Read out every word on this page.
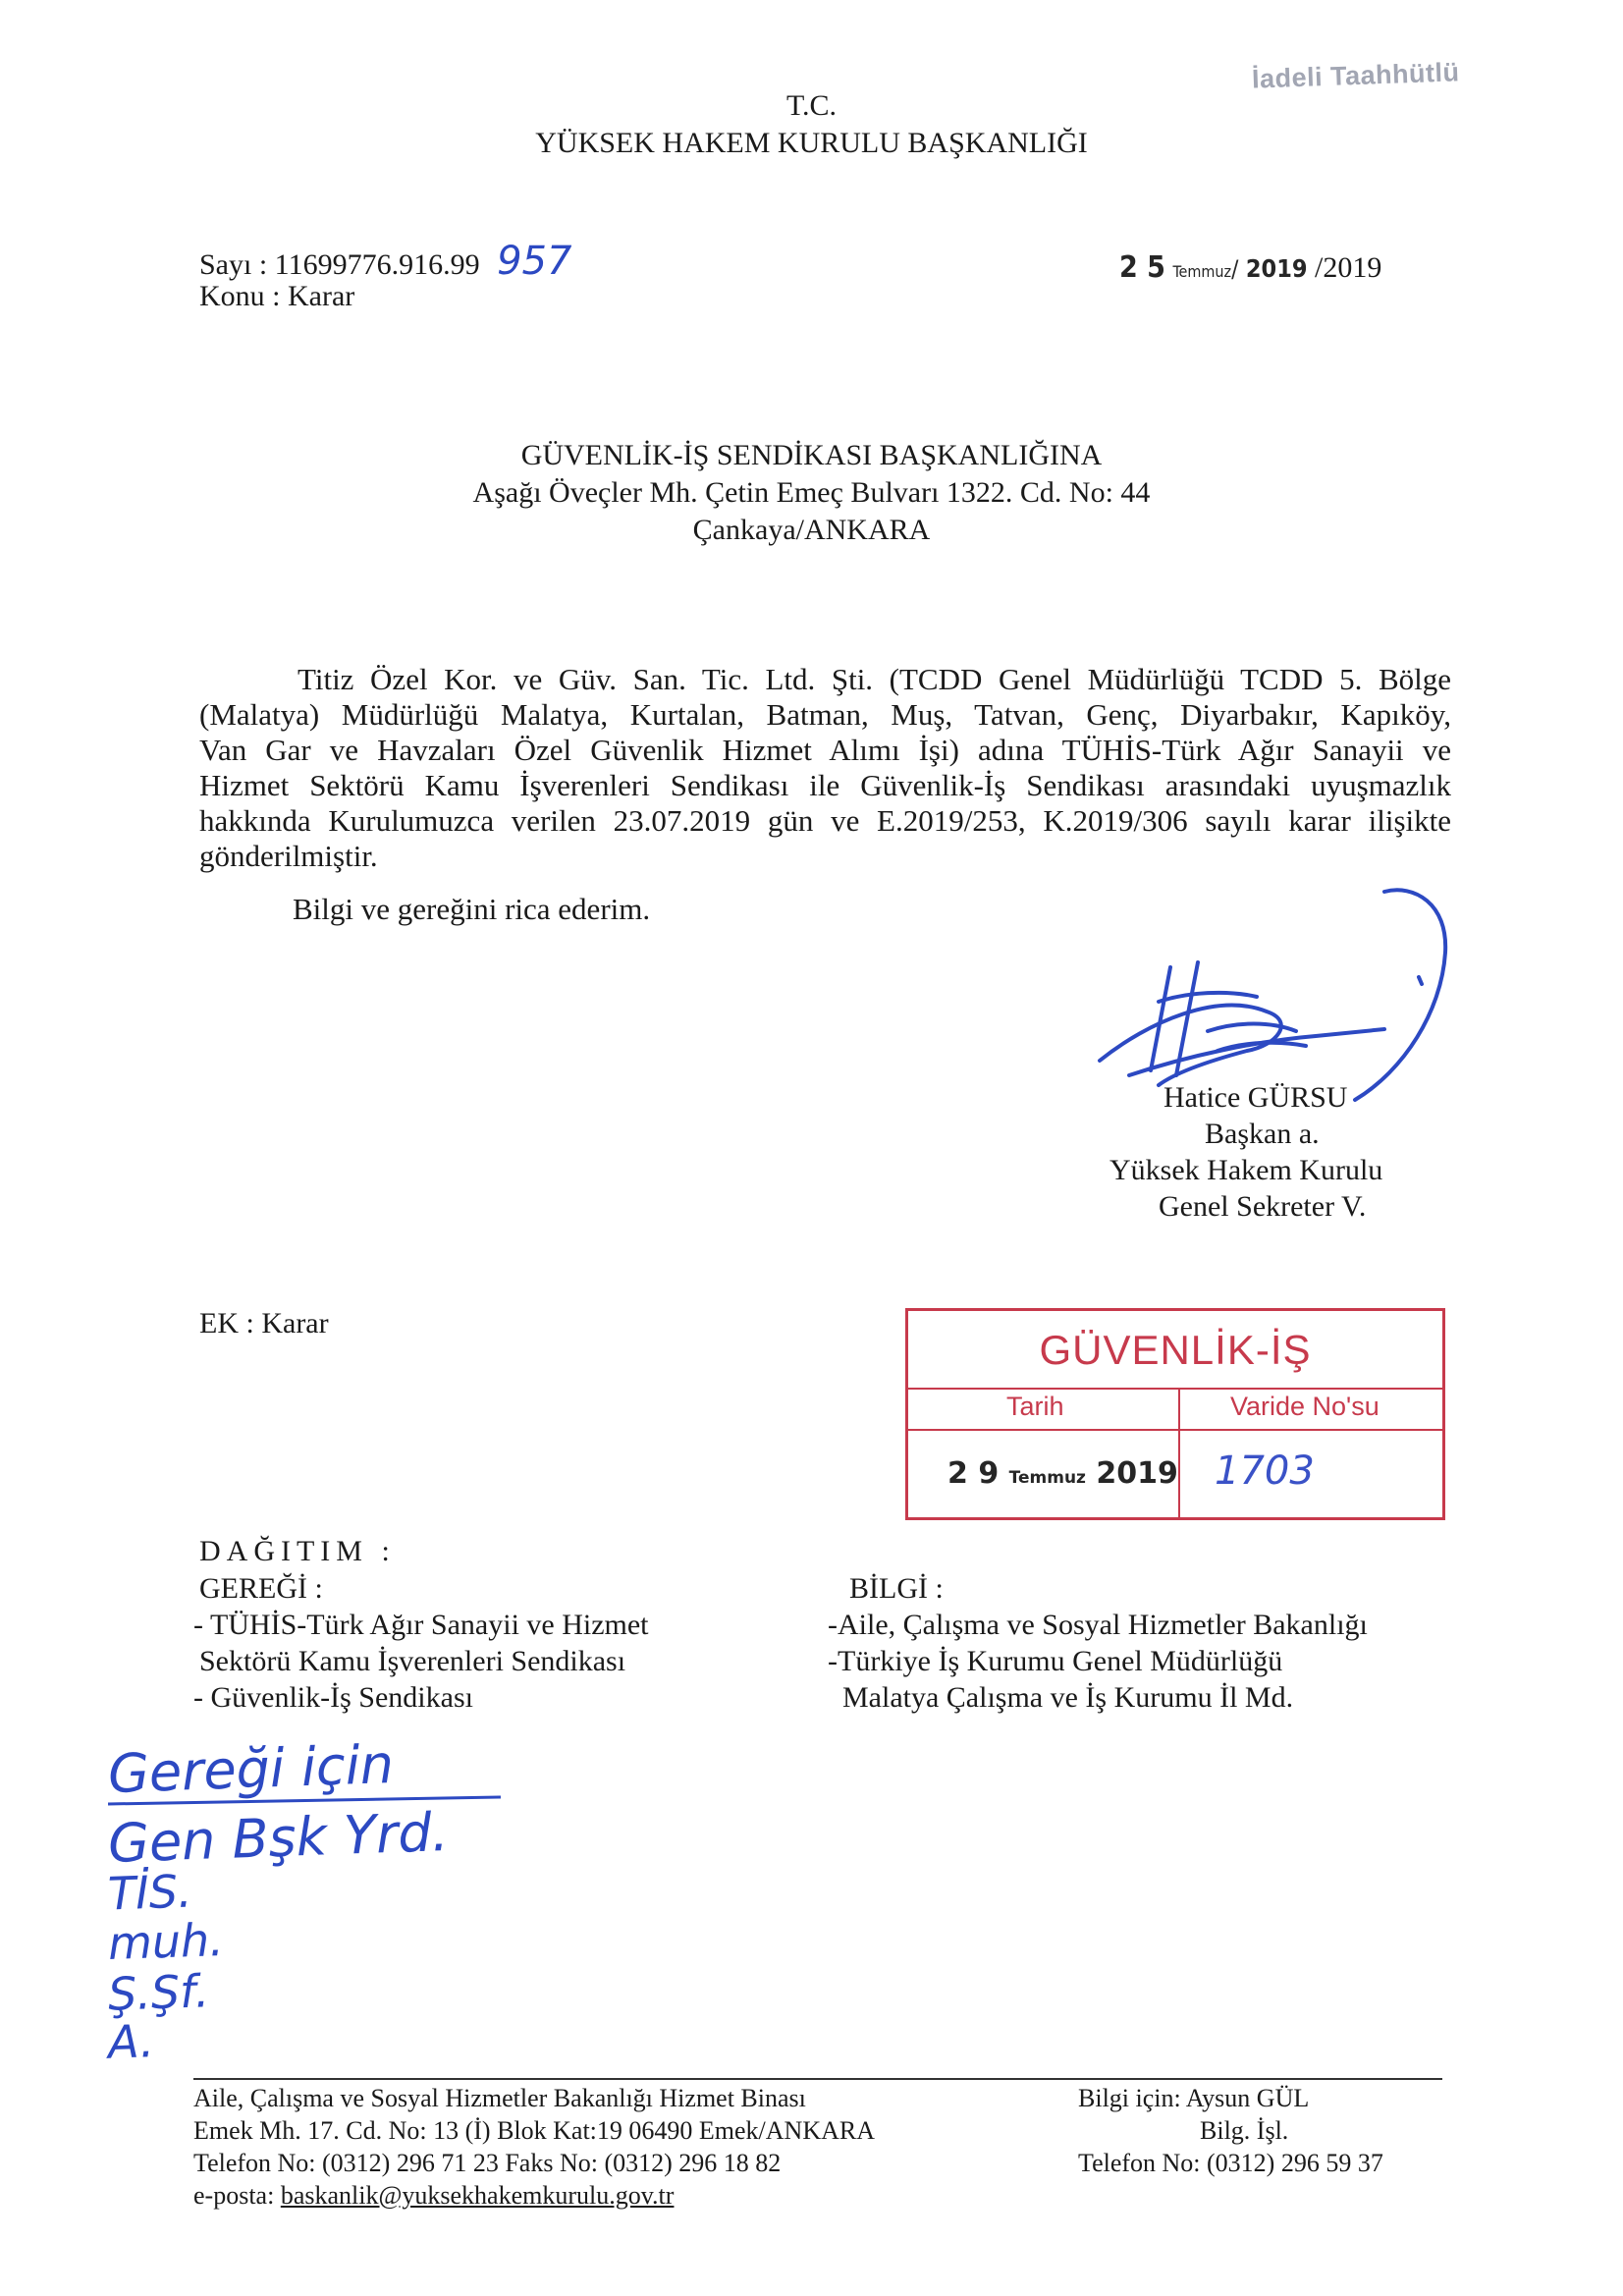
İadeli Taahhütlü
T.C.
YÜKSEK HAKEM KURULU BAŞKANLIĞI
Sayı : 11699776.916.99 957
Konu : Karar
2 5 Temmuz/ 2019 /2019
GÜVENLİK-İŞ SENDİKASI BAŞKANLIĞINA
Aşağı Öveçler Mh. Çetin Emeç Bulvarı 1322. Cd. No: 44
Çankaya/ANKARA
Titiz Özel Kor. ve Güv. San. Tic. Ltd. Şti. (TCDD Genel Müdürlüğü TCDD 5. Bölge
(Malatya) Müdürlüğü Malatya, Kurtalan, Batman, Muş, Tatvan, Genç, Diyarbakır, Kapıköy,
Van Gar ve Havzaları Özel Güvenlik Hizmet Alımı İşi) adına TÜHİS-Türk Ağır Sanayii ve
Hizmet Sektörü Kamu İşverenleri Sendikası ile Güvenlik-İş Sendikası arasındaki uyuşmazlık
hakkında Kurulumuzca verilen 23.07.2019 gün ve E.2019/253, K.2019/306 sayılı karar ilişikte
gönderilmiştir.
Bilgi ve gereğini rica ederim.
Hatice GÜRSU
Başkan a.
Yüksek Hakem Kurulu
Genel Sekreter V.
EK : Karar
GÜVENLİK-İŞ
Tarih	Varide No'su
2 9 Temmuz 2019 1703
DAĞITIM :
GEREĞİ :
- TÜHİS-Türk Ağır Sanayii ve Hizmet
Sektörü Kamu İşverenleri Sendikası
- Güvenlik-İş Sendikası
BİLGİ :
-Aile, Çalışma ve Sosyal Hizmetler Bakanlığı
-Türkiye İş Kurumu Genel Müdürlüğü
Malatya Çalışma ve İş Kurumu İl Md.
Gereği için
Gen Bşk Yrd.
TİS.
muh.
Ş.Şf.
A.
Aile, Çalışma ve Sosyal Hizmetler Bakanlığı Hizmet Binası
Emek Mh. 17. Cd. No: 13 (İ) Blok Kat:19 06490 Emek/ANKARA
Telefon No: (0312) 296 71 23 Faks No: (0312) 296 18 82
e-posta: baskanlik@yuksekhakemkurulu.gov.tr
Bilgi için: Aysun GÜL
Bilg. İşl.
Telefon No: (0312) 296 59 37
